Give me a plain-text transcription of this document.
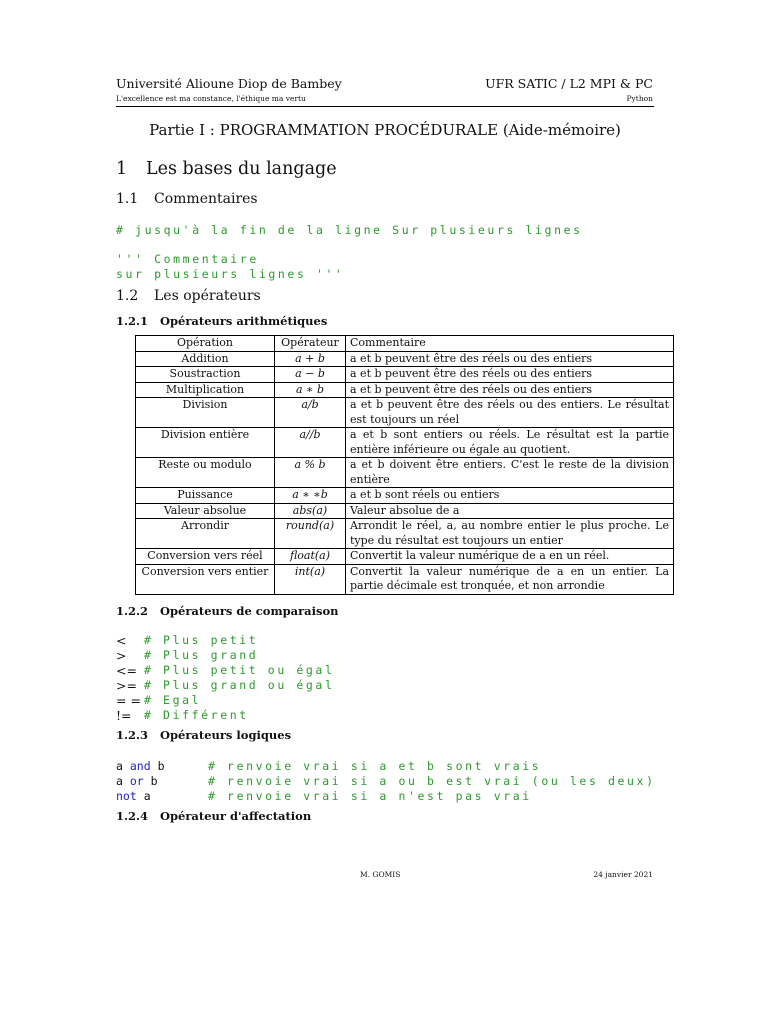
Université Alioune Diop de Bambey	UFR SATIC / L2 MPI & PC
L'excellence est ma constance, l'éthique ma vertu	Python
Partie I : PROGRAMMATION PROCÉDURALE (Aide-mémoire)
1 Les bases du langage
1.1 Commentaires
# jusqu'à la fin de la ligne Sur plusieurs lignes
''' Commentaire
sur plusieurs lignes '''
1.2 Les opérateurs
1.2.1 Opérateurs arithmétiques
Opération	Opérateur	Commentaire
Addition	a + b	a et b peuvent être des réels ou des entiers
Soustraction	a − b	a et b peuvent être des réels ou des entiers
Multiplication	a ∗ b	a et b peuvent être des réels ou des entiers
Division	a/b	a et b peuvent être des réels ou des entiers. Le résultat est toujours un réel
Division entière	a//b	a et b sont entiers ou réels. Le résultat est la partie entière inférieure ou égale au quotient.
Reste ou modulo	a % b	a et b doivent être entiers. C'est le reste de la division entière
Puissance	a ∗ ∗b	a et b sont réels ou entiers
Valeur absolue	abs(a)	Valeur absolue de a
Arrondir	round(a)	Arrondit le réel, a, au nombre entier le plus proche. Le type du résultat est toujours un entier
Conversion vers réel	float(a)	Convertit la valeur numérique de a en un réel.
Conversion vers entier	int(a)	Convertit la valeur numérique de a en un entier. La partie décimale est tronquée, et non arrondie
1.2.2 Opérateurs de comparaison
<	# Plus petit
>	# Plus grand
<= # Plus petit ou égal
>= # Plus grand ou égal
= = # Egal
!=	# Différent
1.2.3 Opérateurs logiques
a and b	# renvoie vrai si a et b sont vrais
a or b	# renvoie vrai si a ou b est vrai (ou les deux)
not a	# renvoie vrai si a n'est pas vrai
1.2.4 Opérateur d'affectation
M. GOMIS	24 janvier 2021
